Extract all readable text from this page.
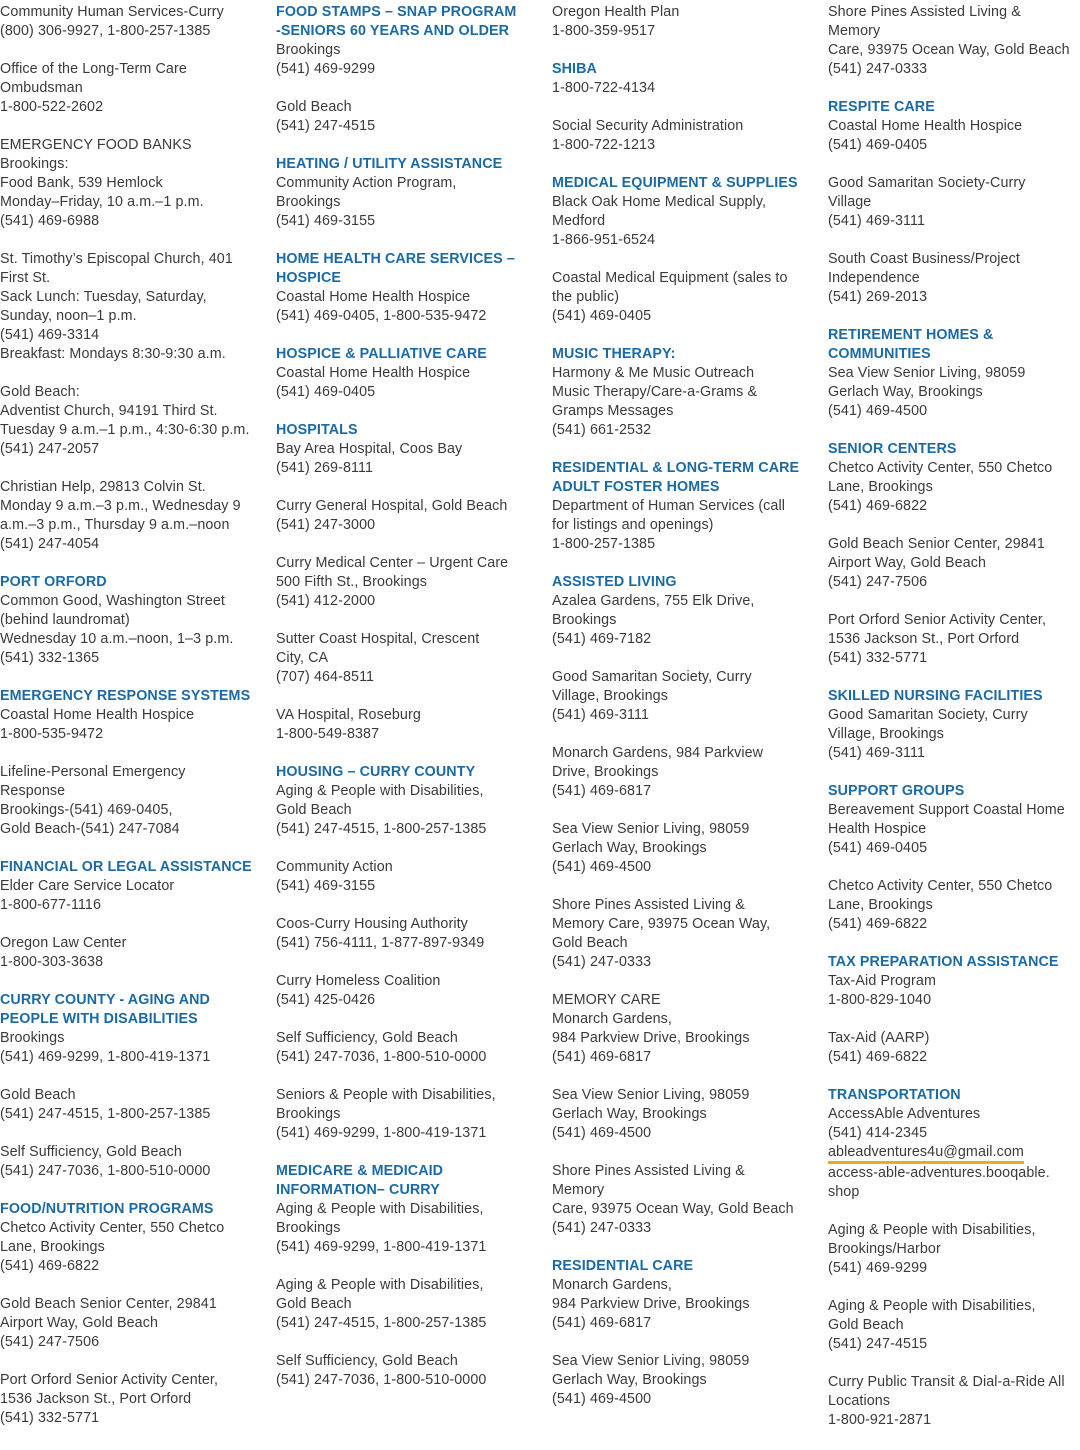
Community Human Services-Curry
(800) 306-9927, 1-800-257-1385
Office of the Long-Term Care
Ombudsman
1-800-522-2602
EMERGENCY FOOD BANKS
Brookings:
Food Bank, 539 Hemlock
Monday–Friday, 10 a.m.–1 p.m.
(541) 469-6988
St. Timothy’s Episcopal Church, 401
First St.
Sack Lunch: Tuesday, Saturday,
Sunday, noon–1 p.m.
(541) 469-3314
Breakfast: Mondays 8:30-9:30 a.m.
Gold Beach:
Adventist Church, 94191 Third St.
Tuesday 9 a.m.–1 p.m., 4:30-6:30 p.m.
(541) 247-2057
Christian Help, 29813 Colvin St.
Monday 9 a.m.–3 p.m., Wednesday 9
a.m.–3 p.m., Thursday 9 a.m.–noon
(541) 247-4054
PORT ORFORD
Common Good, Washington Street
(behind laundromat)
Wednesday 10 a.m.–noon, 1–3 p.m.
(541) 332-1365
EMERGENCY RESPONSE SYSTEMS
Coastal Home Health Hospice
1-800-535-9472
Lifeline-Personal Emergency
Response
Brookings-(541) 469-0405,
Gold Beach-(541) 247-7084
FINANCIAL OR LEGAL ASSISTANCE
Elder Care Service Locator
1-800-677-1116
Oregon Law Center
1-800-303-3638
CURRY COUNTY - AGING AND
PEOPLE WITH DISABILITIES
Brookings
(541) 469-9299, 1-800-419-1371
Gold Beach
(541) 247-4515, 1-800-257-1385
Self Sufficiency, Gold Beach
(541) 247-7036, 1-800-510-0000
FOOD/NUTRITION PROGRAMS
Chetco Activity Center, 550 Chetco
Lane, Brookings
(541) 469-6822
Gold Beach Senior Center, 29841
Airport Way, Gold Beach
(541) 247-7506
Port Orford Senior Activity Center,
1536 Jackson St., Port Orford
(541) 332-5771
FOOD STAMPS – SNAP PROGRAM
-SENIORS 60 YEARS AND OLDER
Brookings
(541) 469-9299
Gold Beach
(541) 247-4515
HEATING / UTILITY ASSISTANCE
Community Action Program,
Brookings
(541) 469-3155
HOME HEALTH CARE SERVICES –
HOSPICE
Coastal Home Health Hospice
(541) 469-0405, 1-800-535-9472
HOSPICE & PALLIATIVE CARE
Coastal Home Health Hospice
(541) 469-0405
HOSPITALS
Bay Area Hospital, Coos Bay
(541) 269-8111
Curry General Hospital, Gold Beach
(541) 247-3000
Curry Medical Center – Urgent Care
500 Fifth St., Brookings
(541) 412-2000
Sutter Coast Hospital, Crescent
City, CA
(707) 464-8511
VA Hospital, Roseburg
1-800-549-8387
HOUSING – CURRY COUNTY
Aging & People with Disabilities,
Gold Beach
(541) 247-4515, 1-800-257-1385
Community Action
(541) 469-3155
Coos-Curry Housing Authority
(541) 756-4111, 1-877-897-9349
Curry Homeless Coalition
(541) 425-0426
Self Sufficiency, Gold Beach
(541) 247-7036, 1-800-510-0000
Seniors & People with Disabilities,
Brookings
(541) 469-9299, 1-800-419-1371
MEDICARE & MEDICAID
INFORMATION– CURRY
Aging & People with Disabilities,
Brookings
(541) 469-9299, 1-800-419-1371
Aging & People with Disabilities,
Gold Beach
(541) 247-4515, 1-800-257-1385
Self Sufficiency, Gold Beach
(541) 247-7036, 1-800-510-0000
Oregon Health Plan
1-800-359-9517
SHIBA
1-800-722-4134
Social Security Administration
1-800-722-1213
MEDICAL EQUIPMENT & SUPPLIES
Black Oak Home Medical Supply,
Medford
1-866-951-6524
Coastal Medical Equipment (sales to
the public)
(541) 469-0405
MUSIC THERAPY:
Harmony & Me Music Outreach
Music Therapy/Care-a-Grams &
Gramps Messages
(541) 661-2532
RESIDENTIAL & LONG-TERM CARE
ADULT FOSTER HOMES
Department of Human Services (call
for listings and openings)
1-800-257-1385
ASSISTED LIVING
Azalea Gardens, 755 Elk Drive,
Brookings
(541) 469-7182
Good Samaritan Society, Curry
Village, Brookings
(541) 469-3111
Monarch Gardens, 984 Parkview
Drive, Brookings
(541) 469-6817
Sea View Senior Living, 98059
Gerlach Way, Brookings
(541) 469-4500
Shore Pines Assisted Living &
Memory Care, 93975 Ocean Way,
Gold Beach
(541) 247-0333
MEMORY CARE
Monarch Gardens,
984 Parkview Drive, Brookings
(541) 469-6817
Sea View Senior Living, 98059
Gerlach Way, Brookings
(541) 469-4500
Shore Pines Assisted Living &
Memory
Care, 93975 Ocean Way, Gold Beach
(541) 247-0333
RESIDENTIAL CARE
Monarch Gardens,
984 Parkview Drive, Brookings
(541) 469-6817
Sea View Senior Living, 98059
Gerlach Way, Brookings
(541) 469-4500
Shore Pines Assisted Living &
Memory
Care, 93975 Ocean Way, Gold Beach
(541) 247-0333
RESPITE CARE
Coastal Home Health Hospice
(541) 469-0405
Good Samaritan Society-Curry
Village
(541) 469-3111
South Coast Business/Project
Independence
(541) 269-2013
RETIREMENT HOMES &
COMMUNITIES
Sea View Senior Living, 98059
Gerlach Way, Brookings
(541) 469-4500
SENIOR CENTERS
Chetco Activity Center, 550 Chetco
Lane, Brookings
(541) 469-6822
Gold Beach Senior Center, 29841
Airport Way, Gold Beach
(541) 247-7506
Port Orford Senior Activity Center,
1536 Jackson St., Port Orford
(541) 332-5771
SKILLED NURSING FACILITIES
Good Samaritan Society, Curry
Village, Brookings
(541) 469-3111
SUPPORT GROUPS
Bereavement Support Coastal Home
Health Hospice
(541) 469-0405
Chetco Activity Center, 550 Chetco
Lane, Brookings
(541) 469-6822
TAX PREPARATION ASSISTANCE
Tax-Aid Program
1-800-829-1040
Tax-Aid (AARP)
(541) 469-6822
TRANSPORTATION
AccessAble Adventures
(541) 414-2345
ableadventures4u@gmail.com
access-able-adventures.booqable.
shop
Aging & People with Disabilities,
Brookings/Harbor
(541) 469-9299
Aging & People with Disabilities,
Gold Beach
(541) 247-4515
Curry Public Transit & Dial-a-Ride All
Locations
1-800-921-2871
